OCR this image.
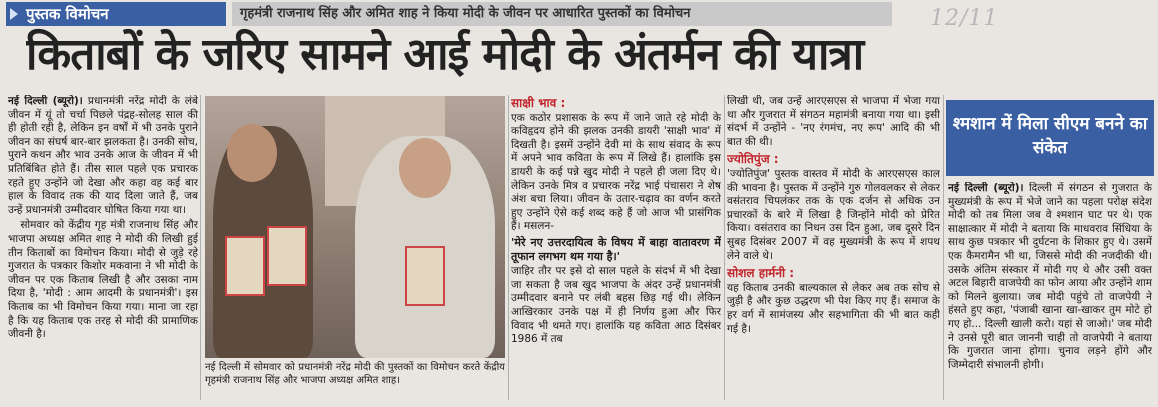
पुस्तक विमोचन	गृहमंत्री राजनाथ सिंह और अमित शाह ने किया मोदी के जीवन पर आधारित पुस्तकों का विमोचन	12/11
किताबों के जरिए सामने आई मोदी के अंतर्मन की यात्रा

नई दिल्ली (ब्यूरो)। प्रधानमंत्री नरेंद्र मोदी के लंबे जीवन में यूं तो चर्चा पिछले पंद्रह-सोलह साल की ही होती रही है, लेकिन इन वर्षों में भी उनके पुराने जीवन का संघर्ष बार-बार झलकता है। उनकी सोच, पुराने कथन और भाव उनके आज के जीवन में भी प्रतिबिंबित होते हैं। तीस साल पहले एक प्रचारक रहते हुए उन्होंने जो देखा और कहा वह कई बार हाल के विवाद तक की याद दिला जाते हैं, जब उन्हें प्रधानमंत्री उम्मीदवार घोषित किया गया था।

सोमवार को केंद्रीय गृह मंत्री राजनाथ सिंह और भाजपा अध्यक्ष अमित शाह ने मोदी की लिखी हुई तीन किताबों का विमोचन किया। मोदी से जुड़े रहे गुजरात के पत्रकार किशोर मकवाना ने भी मोदी के जीवन पर एक किताब लिखी है और उसका नाम दिया है, 'मोदी : आम आदमी के प्रधानमंत्री'। इस किताब का भी विमोचन किया गया। माना जा रहा है कि यह किताब एक तरह से मोदी की प्रामाणिक जीवनी है।

नई दिल्ली में सोमवार को प्रधानमंत्री नरेंद्र मोदी की पुस्तकों का विमोचन करते केंद्रीय गृहमंत्री राजनाथ सिंह और भाजपा अध्यक्ष अमित शाह।
साक्षी भाव :

एक कठोर प्रशासक के रूप में जाने जाते रहे मोदी के कविहृदय होने की झलक उनकी डायरी 'साक्षी भाव' में दिखती है। इसमें उन्होंने देवी मां के साथ संवाद के रूप में अपने भाव कविता के रूप में लिखे हैं। हालांकि इस डायरी के कई पन्ने खुद मोदी ने पहले ही जला दिए थे। लेकिन उनके मित्र व प्रचारक नरेंद्र भाई पंचासरा ने शेष अंश बचा लिया। जीवन के उतार-चढ़ाव का वर्णन करते हुए उन्होंने ऐसे कई शब्द कहे हैं जो आज भी प्रासंगिक हैं। मसलन-

'मेरे नए उत्तरदायित्व के विषय में बाहा वातावरण में तूफान लगभग थम गया है।'

जाहिर तौर पर इसे दो साल पहले के संदर्भ में भी देखा जा सकता है जब खुद भाजपा के अंदर उन्हें प्रधानमंत्री उम्मीदवार बनाने पर लंबी बहस छिड़ गई थी। लेकिन आखिरकार उनके पक्ष में ही निर्णय हुआ और फिर विवाद भी थमते गए। हालांकि यह कविता आठ दिसंबर 1986 में तब

लिखी थी, जब उन्हें आरएसएस से भाजपा में भेजा गया था और गुजरात में संगठन महामंत्री बनाया गया था। इसी संदर्भ में उन्होंने - 'नए रंगमंच, नए रूप' आदि की भी बात की थी।

ज्योतिपुंज :

'ज्योतिपुंज' पुस्तक वास्तव में मोदी के आरएसएस काल की भावना है। पुस्तक में उन्होंने गुरु गोलवलकर से लेकर वसंतराव चिपलंकर तक के एक दर्जन से अधिक उन प्रचारकों के बारे में लिखा है जिन्होंने मोदी को प्रेरित किया। वसंतराव का निधन उस दिन हुआ, जब दूसरे दिन सुबह दिसंबर 2007 में वह मुख्यमंत्री के रूप में शपथ लेने वाले थे।

सोशल हार्मनी :

यह किताब उनकी बाल्यकाल से लेकर अब तक सोच से जुड़ी है और कुछ उद्धरण भी पेश किए गए हैं। समाज के हर वर्ग में सामंजस्य और सहभागिता की भी बात कही गई है।

श्मशान में मिला सीएम बनने का संकेत

नई दिल्ली (ब्यूरो)। दिल्ली में संगठन से गुजरात के मुख्यमंत्री के रूप में भेजे जाने का पहला परोक्ष संदेश मोदी को तब मिला जब वे श्मशान घाट पर थे। एक साक्षात्कार में मोदी ने बताया कि माधवराव सिंधिया के साथ कुछ पत्रकार भी दुर्घटना के शिकार हुए थे। उसमें एक कैमरामैन भी था, जिससे मोदी की नजदीकी थी। उसके अंतिम संस्कार में मोदी गए थे और उसी वक्त अटल बिहारी वाजपेयी का फोन आया और उन्होंने शाम को मिलने बुलाया। जब मोदी पहुंचे तो वाजपेयी ने हंसते हुए कहा, 'पंजाबी खाना खा-खाकर तुम मोटे हो गए हो... दिल्ली खाली करो। यहां से जाओ।' जब मोदी ने उनसे पूरी बात जाननी चाही तो वाजपेयी ने बताया कि गुजरात जाना होगा। चुनाव लड़ने होंगे और जिम्मेदारी संभालनी होगी।
